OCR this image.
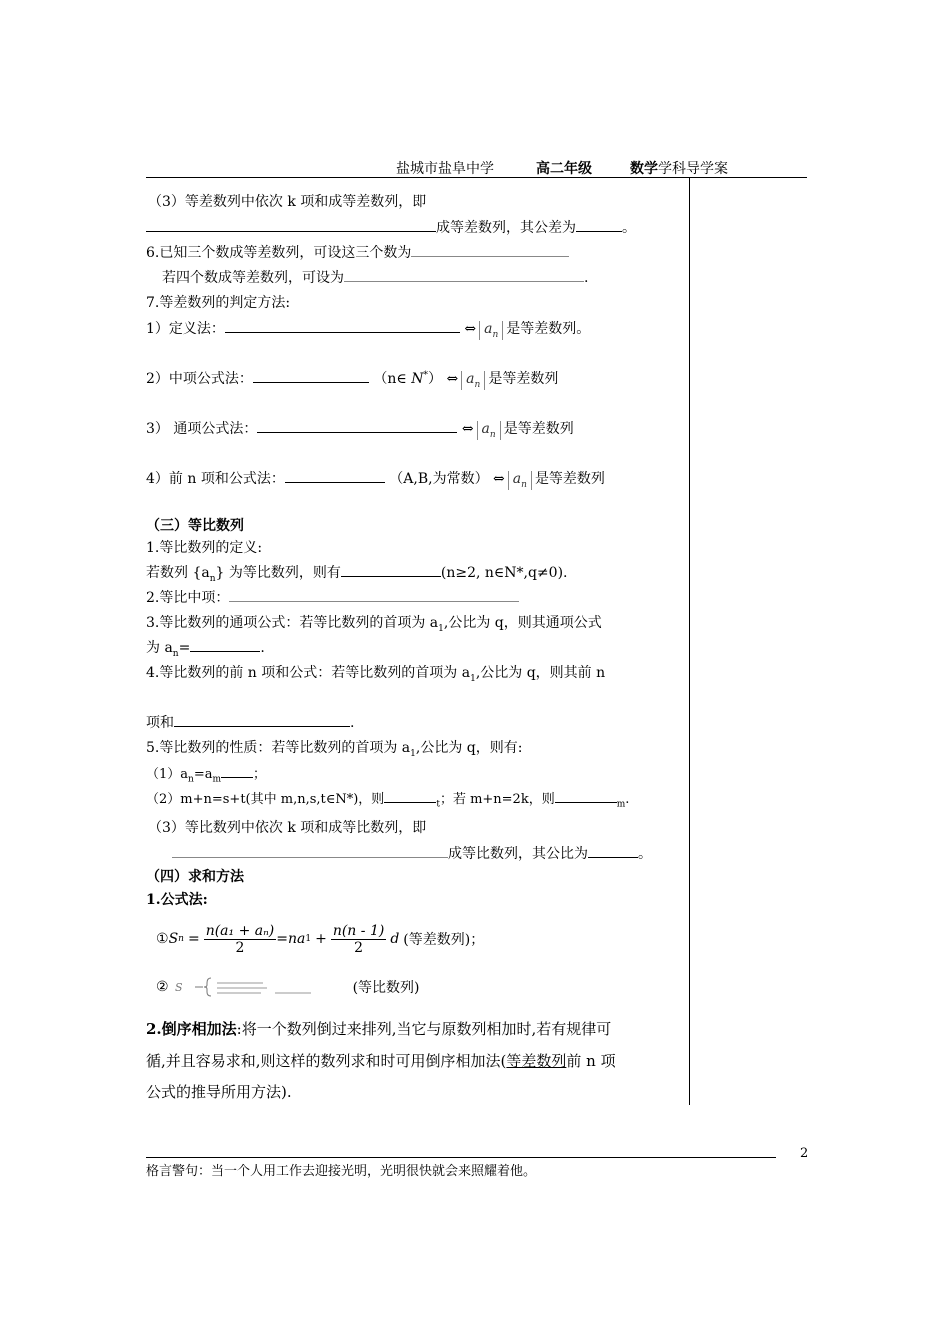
盐城市盐阜中学	高二年级	数学学科导学案
（3）等差数列中依次 k 项和成等差数列，即
成等差数列，其公差为	。
6.已知三个数成等差数列，可设这三个数为
若四个数成等差数列，可设为	.
7.等差数列的判定方法:
1）定义法：	⇔ $a_n$ 是等差数列。
2）中项公式法：	（n∈ N*） ⇔ $a_n$ 是等差数列
3） 通项公式法：	⇔ $a_n$ 是等差数列
4）前 n 项和公式法：	（A,B,为常数） ⇔ $a_n$ 是等差数列
（三）等比数列
1.等比数列的定义:
若数列 $\{a_n\}$ 为等比数列，则有	(n≥2, n∈N*,q≠0).
2.等比中项：
3.等比数列的通项公式：若等比数列的首项为 $a_1$,公比为 q，则其通项公式
为 $a_n=$	.
4.等比数列的前 n 项和公式：若等比数列的首项为 $a_1$,公比为 q，则其前 n
项和	.
5.等比数列的性质：若等比数列的首项为 $a_1$,公比为 q，则有:
$(1)a_n=a_m$ ；
（2）m+n=s+t(其中 m,n,s,t∈N*)，则	$_t$；若 m+n=2k，则	$_m$.
（3）等比数列中依次 k 项和成等比数列，即
成等比数列，其公比为	。
（四）求和方法
1.公式法:
① S $n = \frac{\text{n(a₁ + aₙ)}}{2} =na$ $1 + \frac{n(n - 1)}{2}$ d (等差数列)；
② S	(等比数列)
2.倒序相加法:将一个数列倒过来排列,当它与原数列相加时,若有规律可
循,并且容易求和,则这样的数列求和时可用倒序相加法(等差数列前 n 项
公式的推导所用方法).
2
格言警句：当一个人用工作去迎接光明，光明很快就会来照耀着他。
